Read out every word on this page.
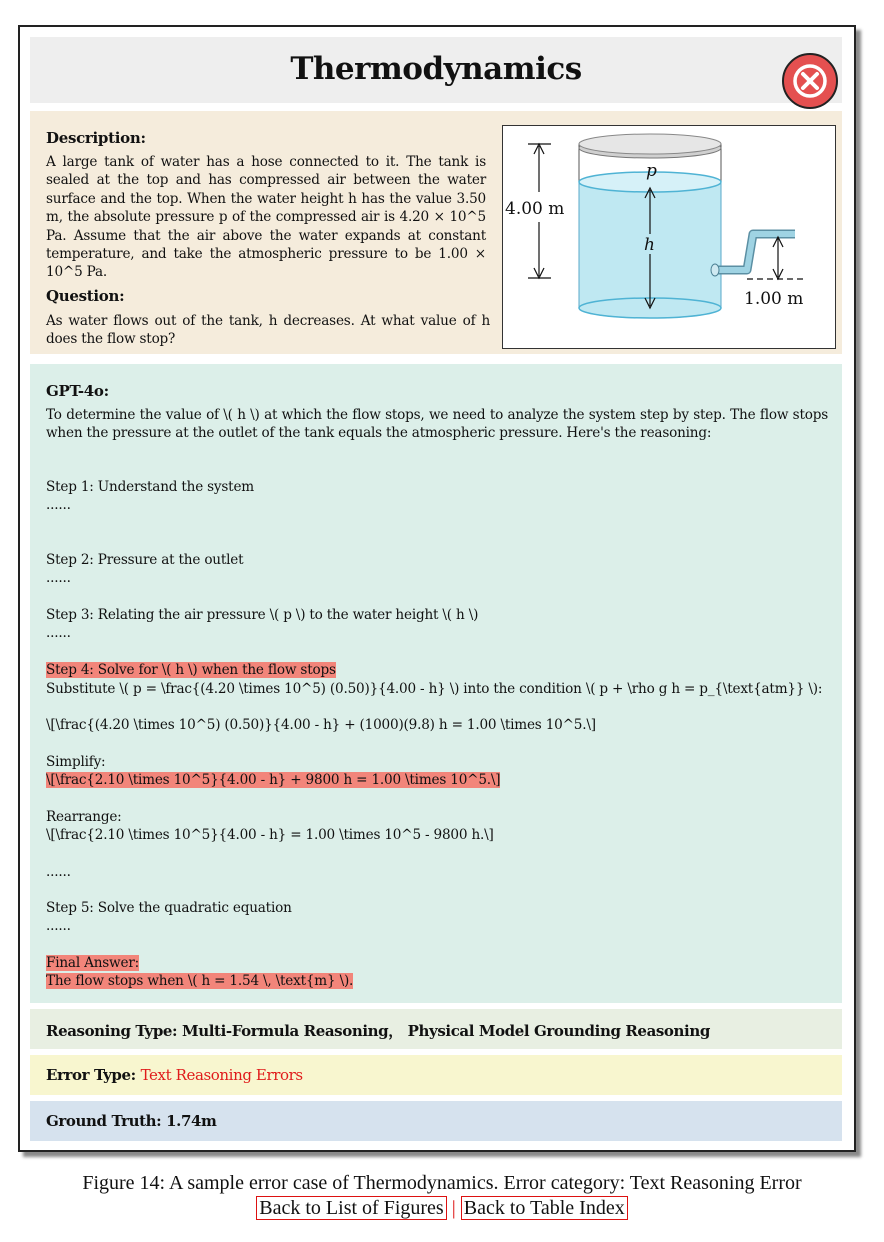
Thermodynamics
Description:
A large tank of water has a hose connected to it. The tank is sealed at the top and has compressed air between the water surface and the top. When the water height h has the value 3.50 m, the absolute pressure p of the compressed air is 4.20 × 10^5 Pa. Assume that the air above the water expands at constant temperature, and take the atmospheric pressure to be 1.00 × 10^5 Pa.
Question:
As water flows out of the tank, h decreases. At what value of h does the flow stop?
p
h
4.00 m
1.00 m
GPT-4o:
To determine the value of \( h \) at which the flow stops, we need to analyze the system step by step. The flow stops when the pressure at the outlet of the tank equals the atmospheric pressure. Here's the reasoning:
Step 1: Understand the system
......
Step 2: Pressure at the outlet
......
Step 3: Relating the air pressure \( p \) to the water height \( h \)
......
Step 4: Solve for \( h \) when the flow stops
Substitute \( p = \frac{(4.20 \times 10^5) (0.50)}{4.00 - h} \) into the condition \( p + \rho g h = p_{\text{atm}} \):
\[\frac{(4.20 \times 10^5) (0.50)}{4.00 - h} + (1000)(9.8) h = 1.00 \times 10^5.\]
Simplify:
\[\frac{2.10 \times 10^5}{4.00 - h} + 9800 h = 1.00 \times 10^5.\]
Rearrange:
\[\frac{2.10 \times 10^5}{4.00 - h} = 1.00 \times 10^5 - 9800 h.\]
......
Step 5: Solve the quadratic equation
......
Final Answer:
The flow stops when \( h = 1.54 \, \text{m} \).
Reasoning Type: Multi-Formula Reasoning， Physical Model Grounding Reasoning
Error Type: Text Reasoning Errors
Ground Truth: 1.74m
Figure 14: A sample error case of Thermodynamics. Error category: Text Reasoning Error
Back to List of Figures | Back to Table Index
